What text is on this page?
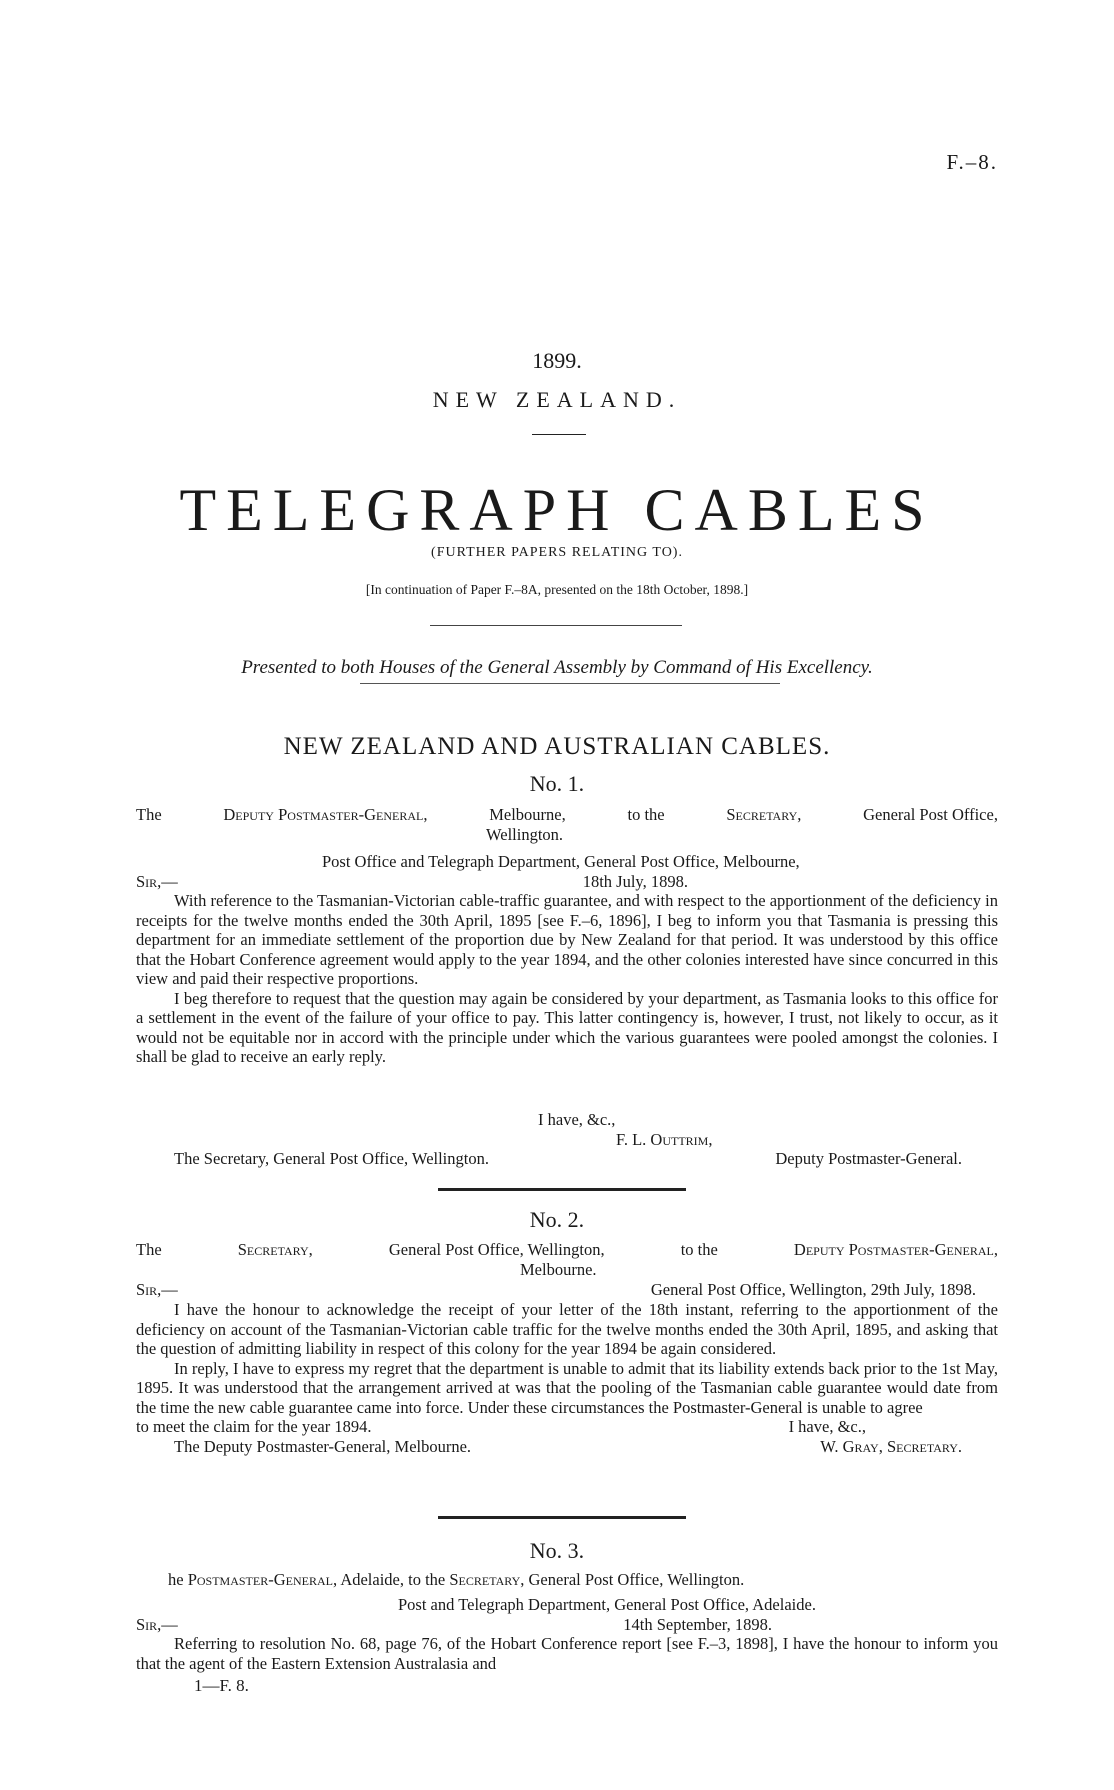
F.–8.
1899.
NEW ZEALAND.
TELEGRAPH CABLES
(FURTHER PAPERS RELATING TO).
[In continuation of Paper F.–8A, presented on the 18th October, 1898.]
Presented to both Houses of the General Assembly by Command of His Excellency.
NEW ZEALAND AND AUSTRALIAN CABLES.
No. 1.
The	Deputy Postmaster-General,	Melbourne,	to the	Secretary,	General Post Office,
Wellington.
Post Office and Telegraph Department, General Post Office, Melbourne,
Sir,—	18th July, 1898.
With reference to the Tasmanian-Victorian cable-traffic guarantee, and with respect to the apportionment of the deficiency in receipts for the twelve months ended the 30th April, 1895 [see F.–6, 1896], I beg to inform you that Tasmania is pressing this department for an immediate settlement of the proportion due by New Zealand for that period. It was understood by this office that the Hobart Conference agreement would apply to the year 1894, and the other colonies interested have since concurred in this view and paid their respective proportions.
I beg therefore to request that the question may again be considered by your department, as Tasmania looks to this office for a settlement in the event of the failure of your office to pay. This latter contingency is, however, I trust, not likely to occur, as it would not be equitable nor in accord with the principle under which the various guarantees were pooled amongst the colonies. I shall be glad to receive an early reply.
I have, &c.,
F. L. Outtrim,
The Secretary, General Post Office, Wellington.	Deputy Postmaster-General.
No. 2.
The	Secretary,	General Post Office, Wellington,	to the	Deputy Postmaster-General,
Melbourne.
Sir,—	General Post Office, Wellington, 29th July, 1898.
I have the honour to acknowledge the receipt of your letter of the 18th instant, referring to the apportionment of the deficiency on account of the Tasmanian-Victorian cable traffic for the twelve months ended the 30th April, 1895, and asking that the question of admitting liability in respect of this colony for the year 1894 be again considered.
In reply, I have to express my regret that the department is unable to admit that its liability extends back prior to the 1st May, 1895. It was understood that the arrangement arrived at was that the pooling of the Tasmanian cable guarantee would date from the time the new cable guarantee came into force. Under these circumstances the Postmaster-General is unable to agree
to meet the claim for the year 1894.	I have, &c.,
The Deputy Postmaster-General, Melbourne.	W. Gray, Secretary.
No. 3.
he Postmaster-General, Adelaide, to the Secretary, General Post Office, Wellington.
Post and Telegraph Department, General Post Office, Adelaide.
Sir,—	14th September, 1898.
Referring to resolution No. 68, page 76, of the Hobart Conference report [see F.–3, 1898], I have the honour to inform you that the agent of the Eastern Extension Australasia and
1—F. 8.
